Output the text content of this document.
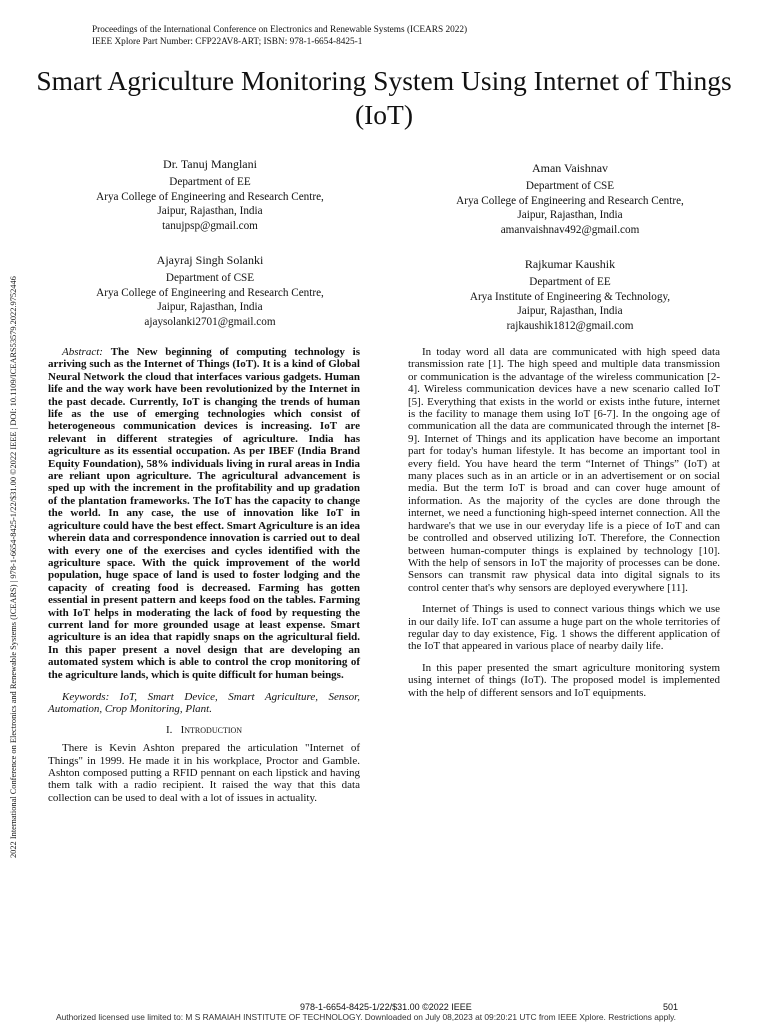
Proceedings of the International Conference on Electronics and Renewable Systems (ICEARS 2022)
IEEE Xplore Part Number: CFP22AV8-ART; ISBN: 978-1-6654-8425-1
Smart Agriculture Monitoring System Using Internet of Things (IoT)
2022 International Conference on Electronics and Renewable Systems (ICEARS) | 978-1-6654-8425-1/22/$31.00 ©2022 IEEE | DOI: 10.1109/ICEARS53579.2022.9752446
Dr. Tanuj Manglani
Department of EE
Arya College of Engineering and Research Centre,
Jaipur, Rajasthan, India
tanujpsp@gmail.com
Aman Vaishnav
Department of CSE
Arya College of Engineering and Research Centre,
Jaipur, Rajasthan, India
amanvaishnav492@gmail.com
Ajayraj Singh Solanki
Department of CSE
Arya College of Engineering and Research Centre,
Jaipur, Rajasthan, India
ajaysolanki2701@gmail.com
Rajkumar Kaushik
Department of EE
Arya Institute of Engineering & Technology,
Jaipur, Rajasthan, India
rajkaushik1812@gmail.com

Abstract: The New beginning of computing technology is arriving such as the Internet of Things (IoT). It is a kind of Global Neural Network the cloud that interfaces various gadgets. Human life and the way work have been revolutionized by the Internet in the past decade. Currently, IoT is changing the trends of human life as the use of emerging technologies which consist of heterogeneous communication devices is increasing. IoT are relevant in different strategies of agriculture. India has agriculture as its essential occupation. As per IBEF (India Brand Equity Foundation), 58% individuals living in rural areas in India are reliant upon agriculture. The agricultural advancement is sped up with the increment in the profitability and up gradation of the plantation frameworks. The IoT has the capacity to change the world. In any case, the use of innovation like IoT in agriculture could have the best effect. Smart Agriculture is an idea wherein data and correspondence innovation is carried out to deal with every one of the exercises and cycles identified with the agriculture space. With the quick improvement of the world population, huge space of land is used to foster lodging and the capacity of creating food is decreased. Farming has gotten essential in present pattern and keeps food on the tables. Farming with IoT helps in moderating the lack of food by requesting the current land for more grounded usage at least expense. Smart agriculture is an idea that rapidly snaps on the agricultural field. In this paper present a novel design that are developing an automated system which is able to control the crop monitoring of the agriculture lands, which is quite difficult for human beings.

Keywords: IoT, Smart Device, Smart Agriculture, Sensor, Automation, Crop Monitoring, Plant.

I. Introduction

There is Kevin Ashton prepared the articulation "Internet of Things" in 1999. He made it in his workplace, Proctor and Gamble. Ashton composed putting a RFID pennant on each lipstick and having them talk with a radio recipient. It raised the way that this data collection can be used to deal with a lot of issues in actuality.

In today word all data are communicated with high speed data transmission rate [1]. The high speed and multiple data transmission or communication is the advantage of the wireless communication [2-4]. Wireless communication devices have a new scenario called IoT [5]. Everything that exists in the world or exists inthe future, internet is the facility to manage them using IoT [6-7]. In the ongoing age of communication all the data are communicated through the internet [8-9]. Internet of Things and its application have become an important part for today's human lifestyle. It has become an important tool in every field. You have heard the term “Internet of Things” (IoT) at many places such as in an article or in an advertisement or on social media. But the term IoT is broad and can cover huge amount of information. As the majority of the cycles are done through the internet, we need a functioning high-speed internet connection. All the hardware's that we use in our everyday life is a piece of IoT and can be controlled and observed utilizing IoT. Therefore, the Connection between human-computer things is explained by technology [10]. With the help of sensors in IoT the majority of processes can be done. Sensors can transmit raw physical data into digital signals to its control center that's why sensors are deployed everywhere [11].

Internet of Things is used to connect various things which we use in our daily life. IoT can assume a huge part on the whole territories of regular day to day existence, Fig. 1 shows the different application of the IoT that appeared in various place of nearby daily life.

In this paper presented the smart agriculture monitoring system using internet of things (IoT). The proposed model is implemented with the help of different sensors and IoT equipments.

978-1-6654-8425-1/22/$31.00 ©2022 IEEE	501
Authorized licensed use limited to: M S RAMAIAH INSTITUTE OF TECHNOLOGY. Downloaded on July 08,2023 at 09:20:21 UTC from IEEE Xplore. Restrictions apply.
